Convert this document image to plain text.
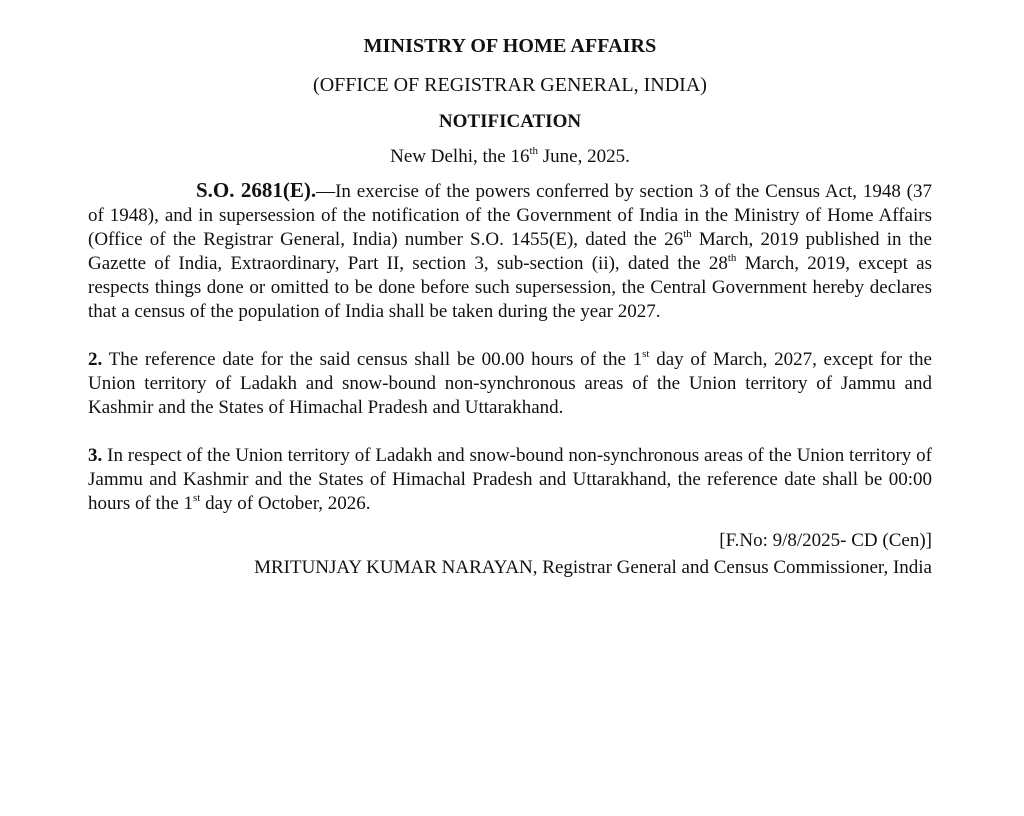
MINISTRY OF HOME AFFAIRS
(OFFICE OF REGISTRAR GENERAL, INDIA)
NOTIFICATION
New Delhi, the 16th June, 2025.

S.O. 2681(E).—In exercise of the powers conferred by section 3 of the Census Act, 1948 (37 of 1948), and in supersession of the notification of the Government of India in the Ministry of Home Affairs (Office of the Registrar General, India) number S.O. 1455(E), dated the 26th March, 2019 published in the Gazette of India, Extraordinary, Part II, section 3, sub-section (ii), dated the 28th March, 2019, except as respects things done or omitted to be done before such supersession, the Central Government hereby declares that a census of the population of India shall be taken during the year 2027.

2. The reference date for the said census shall be 00.00 hours of the 1st day of March, 2027, except for the Union territory of Ladakh and snow-bound non-synchronous areas of the Union territory of Jammu and Kashmir and the States of Himachal Pradesh and Uttarakhand.

3. In respect of the Union territory of Ladakh and snow-bound non-synchronous areas of the Union territory of Jammu and Kashmir and the States of Himachal Pradesh and Uttarakhand, the reference date shall be 00:00 hours of the 1st day of October, 2026.

[F.No: 9/8/2025- CD (Cen)]
MRITUNJAY KUMAR NARAYAN, Registrar General and Census Commissioner, India
